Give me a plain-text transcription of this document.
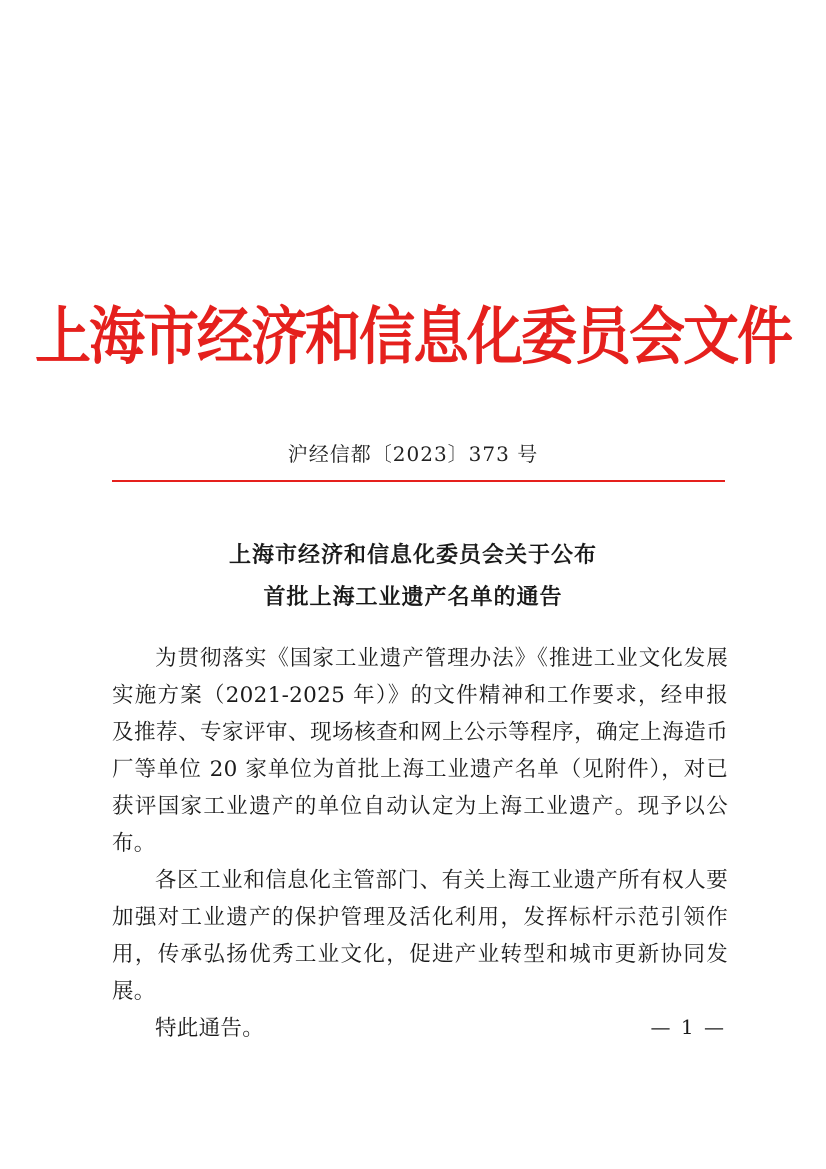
上海市经济和信息化委员会文件
沪经信都〔2023〕373 号
上海市经济和信息化委员会关于公布
首批上海工业遗产名单的通告

为贯彻落实《国家工业遗产管理办法》《推进工业文化发展实施方案（2021-2025 年）》的文件精神和工作要求，经申报及推荐、专家评审、现场核查和网上公示等程序，确定上海造币厂等单位 20 家单位为首批上海工业遗产名单（见附件），对已获评国家工业遗产的单位自动认定为上海工业遗产。现予以公布。

各区工业和信息化主管部门、有关上海工业遗产所有权人要加强对工业遗产的保护管理及活化利用，发挥标杆示范引领作用，传承弘扬优秀工业文化，促进产业转型和城市更新协同发展。

特此通告。	— 1 —
